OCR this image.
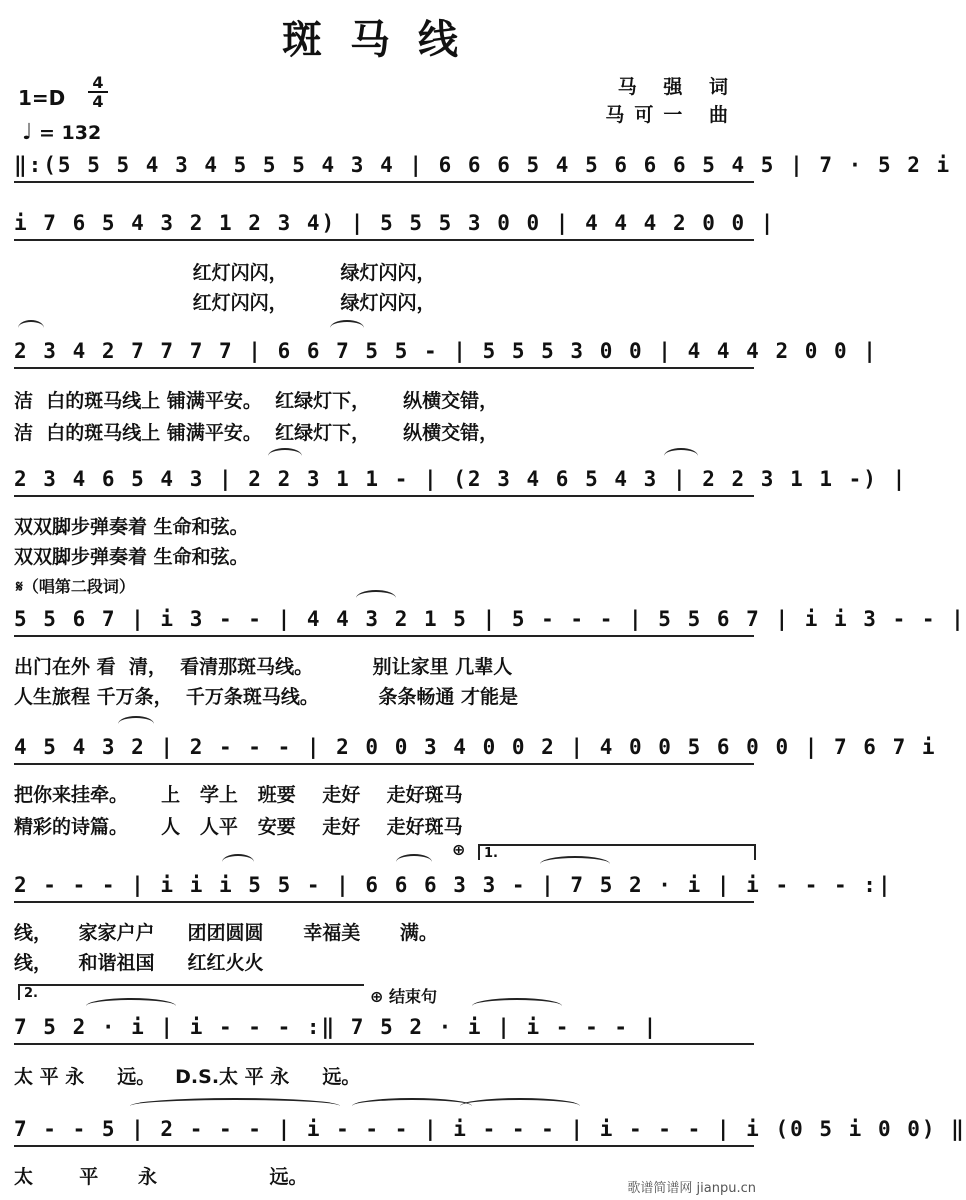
斑马线
1=D
4
4
♩ = 132
马 强 词
马可一 曲
‖:(5 5 5 4 3 4 5 5 5 4 3 4 | 6 6 6 5 4 5 6 6 6 5 4 5 | 7 · 5 2 i
i 7 6 5 4 3 2 1 2 3 4) | 5 5 5 3 0 0 | 4 4 4 2 0 0 |
红灯闪闪，        绿灯闪闪，
红灯闪闪，        绿灯闪闪，
2 3 4 2 7 7 7 7 | 6 6 7 5 5 - | 5 5 5 3 0 0 | 4 4 4 2 0 0 |
洁  白的斑马线上 铺满平安。  红绿灯下，     纵横交错，
洁  白的斑马线上 铺满平安。  红绿灯下，     纵横交错，
2 3 4 6 5 4 3 | 2 2 3 1 1 - | (2 3 4 6 5 4 3 | 2 2 3 1 1 -) |
双双脚步弹奏着 生命和弦。
双双脚步弹奏着 生命和弦。
𝄋（唱第二段词）
5 5 6 7 | i 3 - - | 4 4 3 2 1 5 | 5 - - - | 5 5 6 7 | i i 3 - - |
出门在外 看  清，  看清那斑马线。         别让家里 几辈人
人生旅程 千万条，  千万条斑马线。         条条畅通 才能是
4 5 4 3 2 | 2 - - - | 2 0 0 3 4 0 0 2 | 4 0 0 5 6 0 0 | 7 6 7 i
把你来挂牵。     上   学上   班要    走好    走好斑马
精彩的诗篇。     人   人平   安要    走好    走好斑马
⊕	1.
2 - - - | i i i 5 5 - | 6 6 6 3 3 - | 7 5 2 · i | i - - - :|
线，    家家户户     团团圆圆      幸福美      满。
线，    和谐祖国     红红火火
2.	⊕ 结束句
7 5 2 · i | i - - - :‖ 7 5 2 · i | i - - - |
太 平 永     远。   D.S.太 平 永     远。
7 - - 5 | 2 - - - | i - - - | i - - - | i - - - | i (0 5 i 0 0) ‖
太       平      永                 远。
歌谱简谱网 jianpu.cn
